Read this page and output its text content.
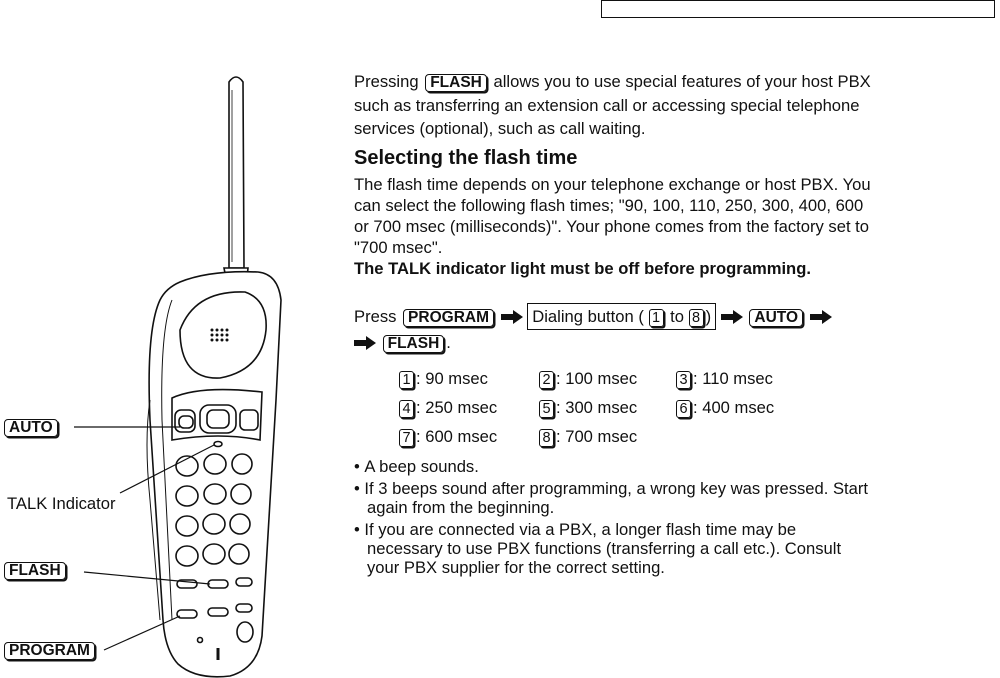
AUTO
TALK Indicator
FLASH
PROGRAM

Pressing FLASH allows you to use special features of your host PBX such as transferring an extension call or accessing special telephone services (optional), such as call waiting.

Selecting the flash time

The flash time depends on your telephone exchange or host PBX. You can select the following flash times; "90, 100, 110, 250, 300, 400, 600 or 700 msec (milliseconds)". Your phone comes from the factory set to "700 msec".

The TALK indicator light must be off before programming.

Press PROGRAM	Dialing button ( 1 to 8 )	AUTO
FLASH .
1 : 90 msec	2 : 100 msec	3 : 110 msec
4 : 250 msec	5 : 300 msec	6 : 400 msec
7 : 600 msec	8 : 700 msec
• A beep sounds.
• If 3 beeps sound after programming, a wrong key was pressed. Start again from the beginning.
• If you are connected via a PBX, a longer flash time may be necessary to use PBX functions (transferring a call etc.). Consult your PBX supplier for the correct setting.
